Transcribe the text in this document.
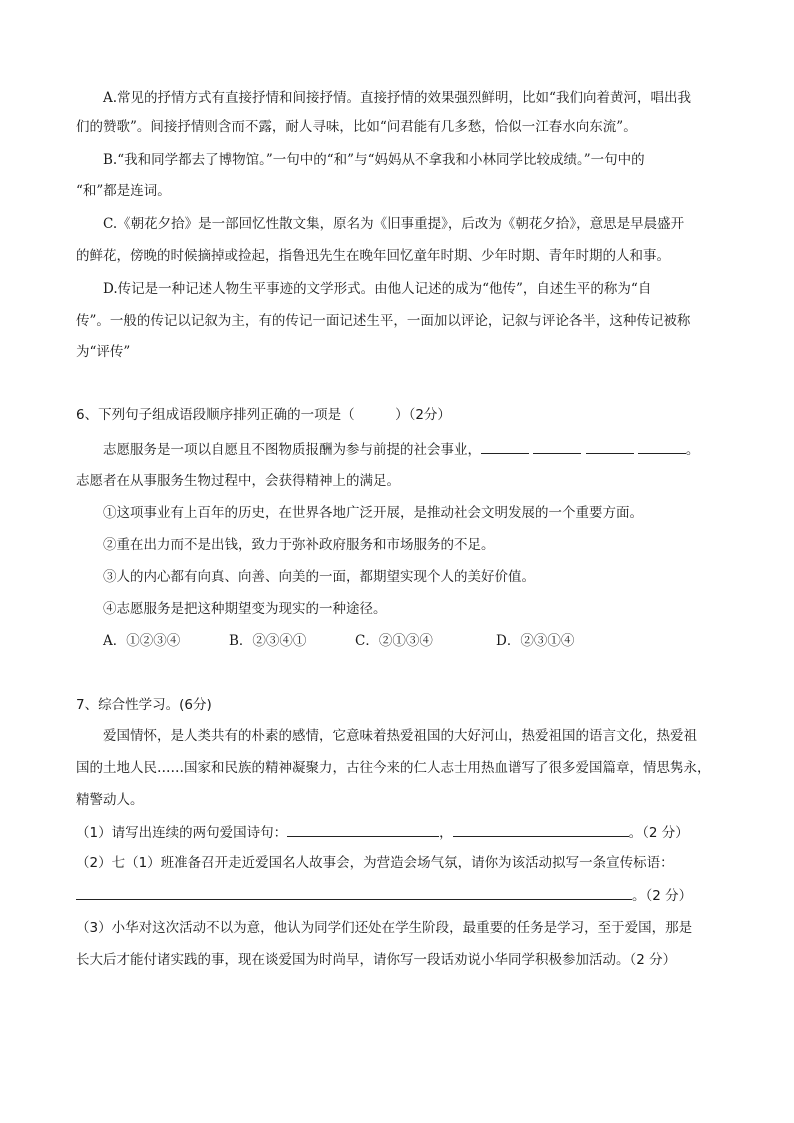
A.常见的抒情方式有直接抒情和间接抒情。直接抒情的效果强烈鲜明，比如“我们向着黄河，唱出我
们的赞歌”。间接抒情则含而不露，耐人寻味，比如“问君能有几多愁，恰似一江春水向东流”。
B.“我和同学都去了博物馆。”一句中的“和”与“妈妈从不拿我和小林同学比较成绩。”一句中的
“和”都是连词。
C.《朝花夕拾》是一部回忆性散文集，原名为《旧事重提》，后改为《朝花夕拾》，意思是早晨盛开
的鲜花，傍晚的时候摘掉或捡起，指鲁迅先生在晚年回忆童年时期、少年时期、青年时期的人和事。
D.传记是一种记述人物生平事迹的文学形式。由他人记述的成为“他传”，自述生平的称为“自
传”。一般的传记以记叙为主，有的传记一面记述生平，一面加以评论，记叙与评论各半，这种传记被称
为“评传”
6、下列句子组成语段顺序排列正确的一项是（　　　）（2分）
志愿服务是一项以自愿且不图物质报酬为参与前提的社会事业，	。
志愿者在从事服务生物过程中，会获得精神上的满足。
①这项事业有上百年的历史，在世界各地广泛开展，是推动社会文明发展的一个重要方面。
②重在出力而不是出钱，致力于弥补政府服务和市场服务的不足。
③人的内心都有向真、向善、向美的一面，都期望实现个人的美好价值。
④志愿服务是把这种期望变为现实的一种途径。
A．①②③④	B．②③④①	C．②①③④	D．②③①④
7、综合性学习。(6分)
爱国情怀，是人类共有的朴素的感情，它意味着热爱祖国的大好河山，热爱祖国的语言文化，热爱祖
国的土地人民……国家和民族的精神凝聚力，古往今来的仁人志士用热血谱写了很多爱国篇章，情思隽永，
精警动人。
（1）请写出连续的两句爱国诗句：	，	。（2 分）
（2）七（1）班准备召开走近爱国名人故事会，为营造会场气氛，请你为该活动拟写一条宣传标语：
。（2 分）
（3）小华对这次活动不以为意，他认为同学们还处在学生阶段，最重要的任务是学习，至于爱国，那是
长大后才能付诸实践的事，现在谈爱国为时尚早，请你写一段话劝说小华同学积极参加活动。（2 分）
